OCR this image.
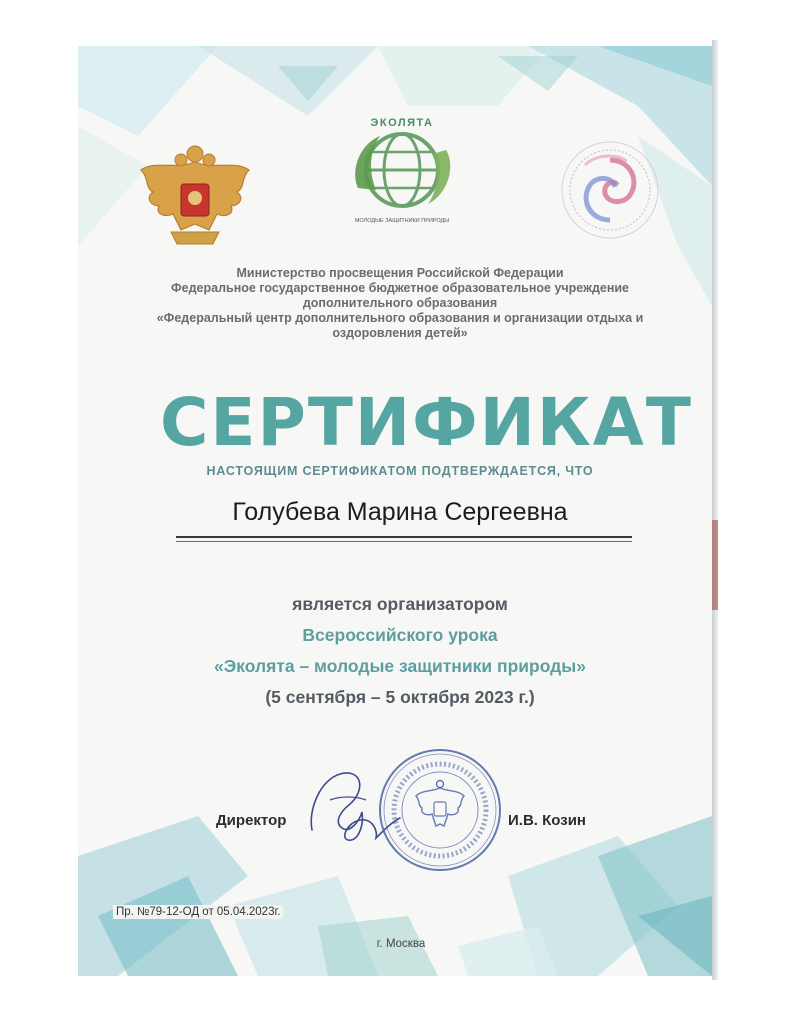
ЭКОЛЯТА
МОЛОДЫЕ ЗАЩИТНИКИ ПРИРОДЫ
Министерство просвещения Российской Федерации
Федеральное государственное бюджетное образовательное учреждение
дополнительного образования
«Федеральный центр дополнительного образования и организации отдыха и
оздоровления детей»
СЕРТИФИКАТ
НАСТОЯЩИМ СЕРТИФИКАТОМ ПОДТВЕРЖДАЕТСЯ, ЧТО
Голубева Марина Сергеевна
является организатором
Всероссийского урока
«Эколята – молодые защитники природы»
(5 сентября – 5 октября 2023 г.)
Директор	И.В. Козин
Пр. №79-12-ОД от 05.04.2023г.
г. Москва
